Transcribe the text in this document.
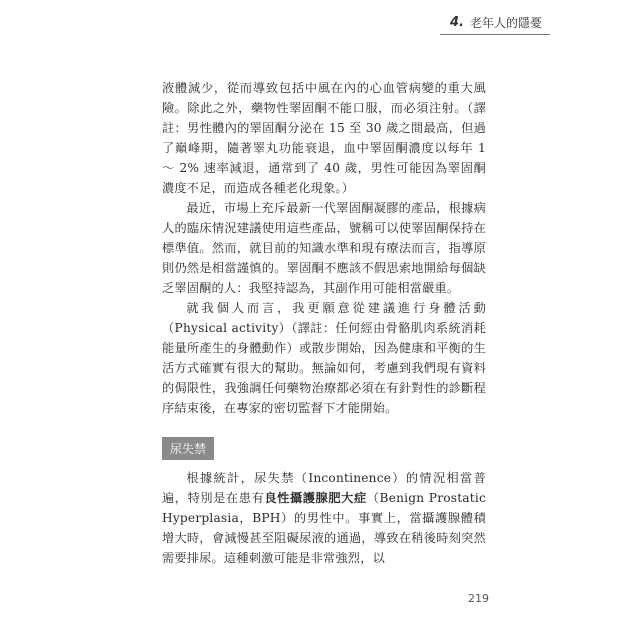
4. 老年人的隱憂

液體減少，從而導致包括中風在內的心血管病變的重大風險。除此之外，藥物性睪固酮不能口服，而必須注射。（譯註：男性體內的睪固酮分泌在 15 至 30 歲之間最高，但過了巔峰期，隨著睪丸功能衰退，血中睪固酮濃度以每年 1 ～ 2% 速率減退，通常到了 40 歲，男性可能因為睪固酮濃度不足，而造成各種老化現象。）

最近，市場上充斥最新一代睪固酮凝膠的產品，根據病人的臨床情況建議使用這些產品，號稱可以使睪固酮保持在標準值。然而，就目前的知識水準和現有療法而言，指導原則仍然是相當謹慎的。睪固酮不應該不假思索地開給每個缺乏睪固酮的人：我堅持認為，其副作用可能相當嚴重。

就我個人而言，我更願意從建議進行身體活動（Physical activity）（譯註：任何經由骨骼肌肉系統消耗能量所產生的身體動作）或散步開始，因為健康和平衡的生活方式確實有很大的幫助。無論如何，考慮到我們現有資料的侷限性，我強調任何藥物治療都必須在有針對性的診斷程序結束後，在專家的密切監督下才能開始。

尿失禁

根據統計，尿失禁（Incontinence）的情況相當普遍，特別是在患有良性攝護腺肥大症（Benign Prostatic Hyperplasia，BPH）的男性中。事實上，當攝護腺體積增大時，會減慢甚至阻礙尿液的通過，導致在稍後時刻突然需要排尿。這種刺激可能是非常強烈，以

219
